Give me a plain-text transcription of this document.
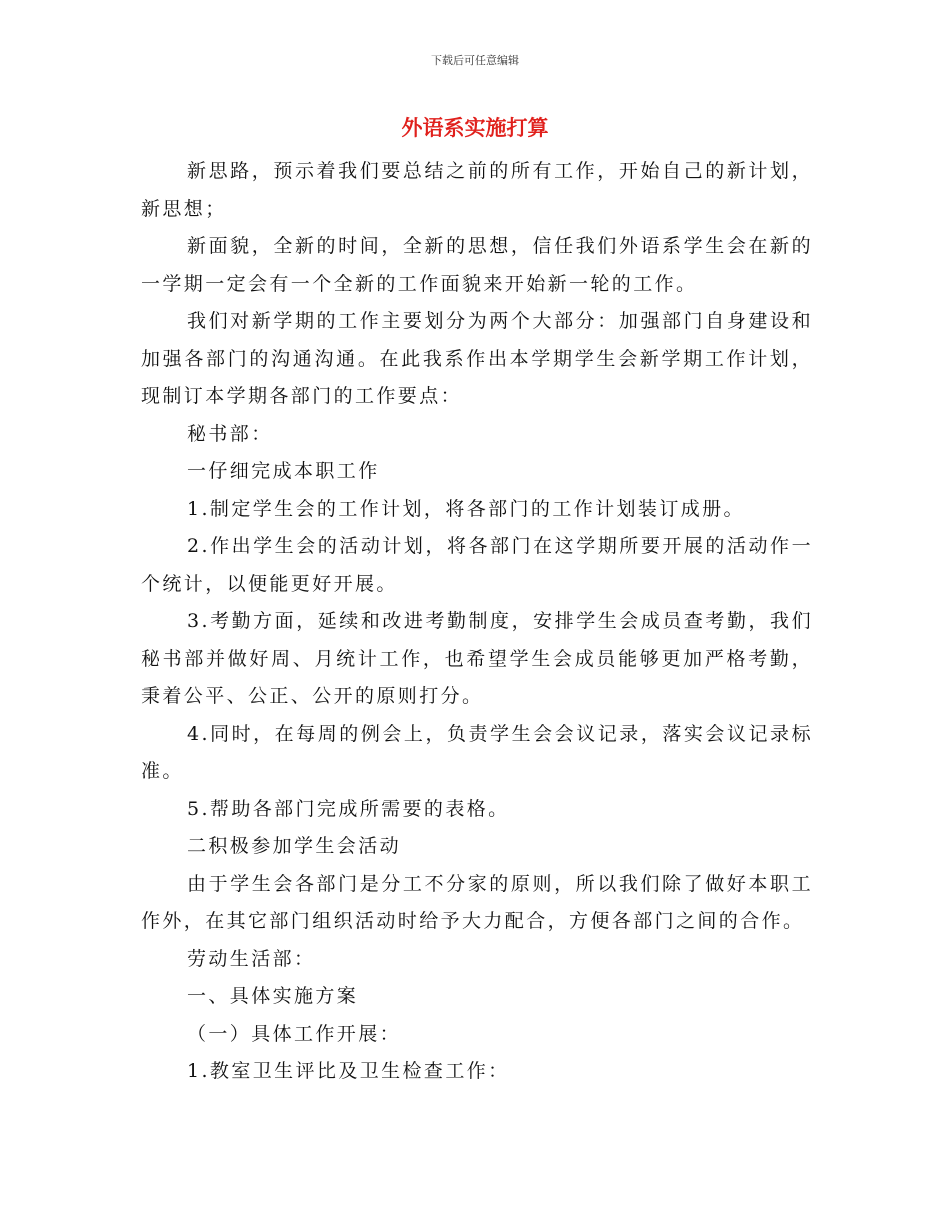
下载后可任意编辑
外语系实施打算

新思路，预示着我们要总结之前的所有工作，开始自己的新计划，新思想；

新面貌，全新的时间，全新的思想，信任我们外语系学生会在新的一学期一定会有一个全新的工作面貌来开始新一轮的工作。

我们对新学期的工作主要划分为两个大部分：加强部门自身建设和加强各部门的沟通沟通。在此我系作出本学期学生会新学期工作计划，现制订本学期各部门的工作要点：

秘书部：

一仔细完成本职工作

1.制定学生会的工作计划，将各部门的工作计划装订成册。

2.作出学生会的活动计划，将各部门在这学期所要开展的活动作一个统计，以便能更好开展。

3.考勤方面，延续和改进考勤制度，安排学生会成员查考勤，我们秘书部并做好周、月统计工作，也希望学生会成员能够更加严格考勤，秉着公平、公正、公开的原则打分。

4.同时，在每周的例会上，负责学生会会议记录，落实会议记录标准。

5.帮助各部门完成所需要的表格。

二积极参加学生会活动

由于学生会各部门是分工不分家的原则，所以我们除了做好本职工作外，在其它部门组织活动时给予大力配合，方便各部门之间的合作。

劳动生活部：

一、具体实施方案

（一）具体工作开展：

1.教室卫生评比及卫生检查工作：
